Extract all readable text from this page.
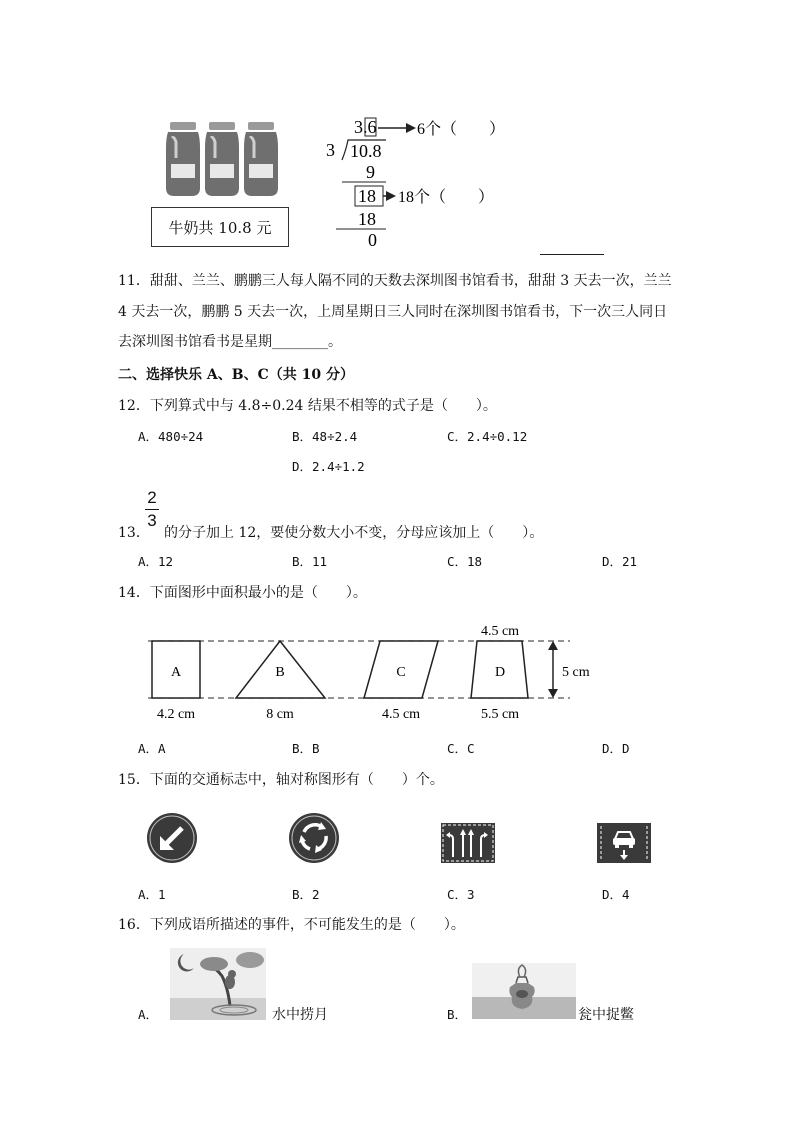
牛奶共 10.8 元
3.6
3 10.8
9
18
18
0
6个（　　）
18个（　　）
11．甜甜、兰兰、鹏鹏三人每人隔不同的天数去深圳图书馆看书，甜甜 3 天去一次，兰兰
4 天去一次，鹏鹏 5 天去一次，上周星期日三人同时在深圳图书馆看书，下一次三人同日
去深圳图书馆看书是星期________。
二、选择快乐 A、B、C（共 10 分）
12．下列算式中与 4.8÷0.24 结果不相等的式子是（　　）。
A．480÷24	B．48÷2.4	C．2.4÷0.12
D．2.4÷1.2
2
3
13． 的分子加上 12，要使分数大小不变，分母应该加上（　　）。
A．12	B．11	C．18	D．21
14．下面图形中面积最小的是（　　）。
A	B	C	D
4.5 cm
5 cm
4.2 cm	8 cm	4.5 cm	5.5 cm
A．A	B．B	C．C	D．D
15．下面的交通标志中，轴对称图形有（　　）个。
A．1	B．2	C．3	D．4
16．下列成语所描述的事件，不可能发生的是（　　）。
A．	水中捞月	B．	瓮中捉鳖
